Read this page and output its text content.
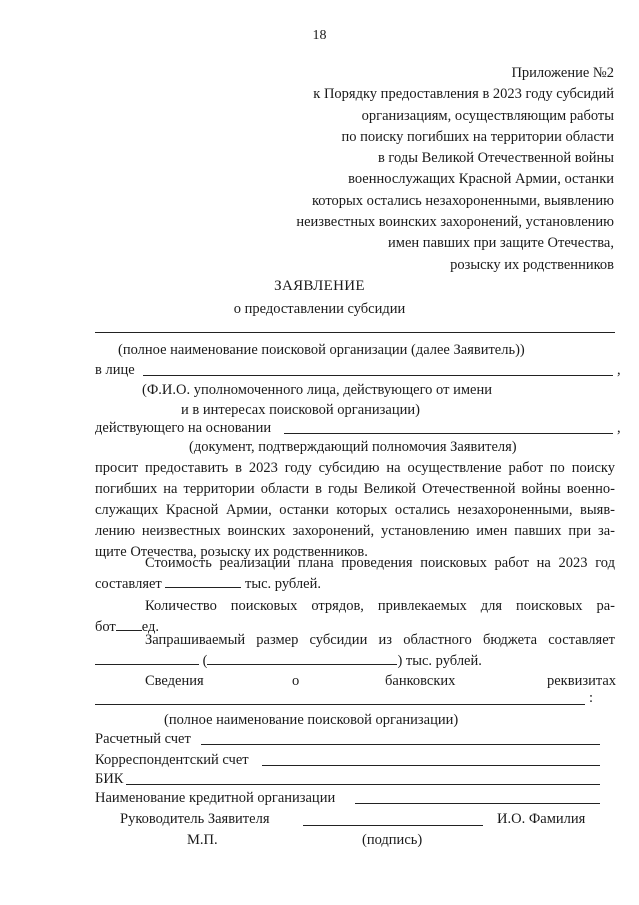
18
Приложение №2
к Порядку предоставления в 2023 году субсидий
организациям, осуществляющим работы
по поиску погибших на территории области
в годы Великой Отечественной войны
военнослужащих Красной Армии, останки
которых остались незахороненными, выявлению
неизвестных воинских захоронений, установлению
имен павших при защите Отечества,
розыску их родственников
ЗАЯВЛЕНИЕ
о предоставлении субсидии
(полное наименование поисковой организации (далее Заявитель))
в лице	,
(Ф.И.О. уполномоченного лица, действующего от имени
и в интересах поисковой организации)
действующего на основании	,
(документ, подтверждающий полномочия Заявителя)
просит предоставить в 2023 году субсидию на осуществление работ по поиску
погибших на территории области в годы Великой Отечественной войны военно-
служащих Красной Армии, останки которых остались незахороненными, выяв-
лению неизвестных воинских захоронений, установлению имен павших при за-
щите Отечества, розыску их родственников.
Стоимость реализации плана проведения поисковых работ на 2023 год
составляет	тыс. рублей.
Количество поисковых отрядов, привлекаемых для поисковых ра-
бот ед.
Запрашиваемый размер субсидии из областного бюджета составляет
(	) тыс. рублей.
Сведения	о	банковских	реквизитах
:
(полное наименование поисковой организации)
Расчетный счет
Корреспондентский счет
БИК
Наименование кредитной организации
Руководитель Заявителя	И.О. Фамилия
М.П.	(подпись)
